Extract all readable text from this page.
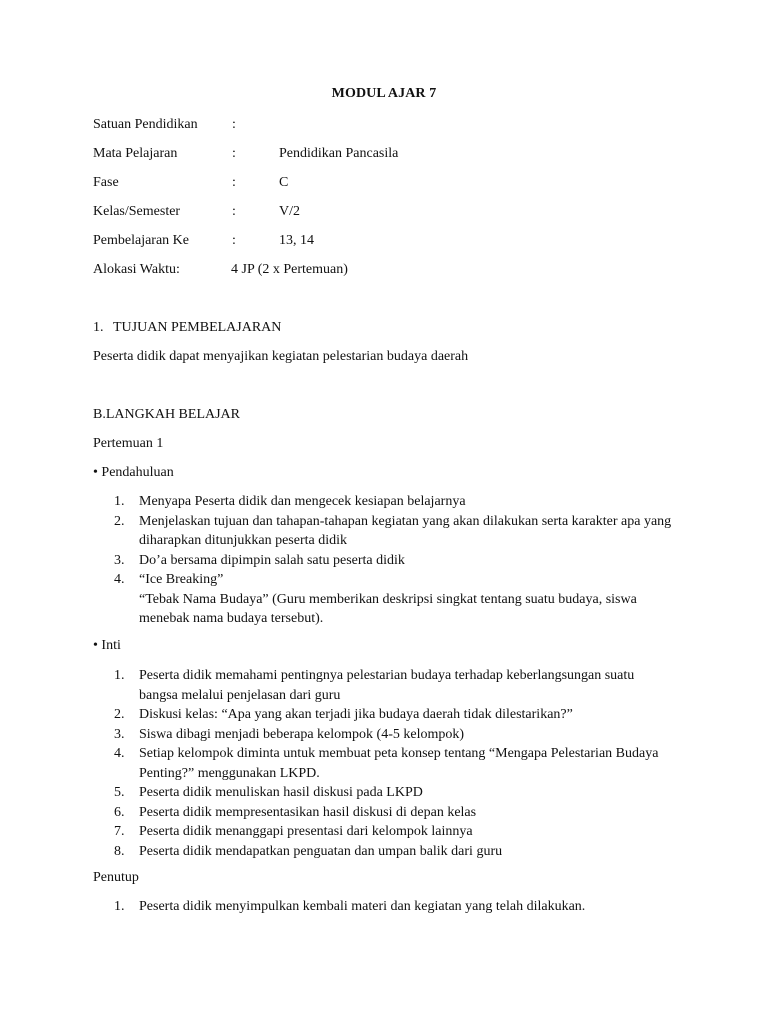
MODUL AJAR 7
Satuan Pendidikan :
Mata Pelajaran	:	Pendidikan Pancasila
Fase	:	C
Kelas/Semester	:	V/2
Pembelajaran Ke	:	13, 14
Alokasi Waktu:	4 JP (2 x Pertemuan)
1. TUJUAN PEMBELAJARAN
Peserta didik dapat menyajikan kegiatan pelestarian budaya daerah
B.LANGKAH BELAJAR
Pertemuan 1
• Pendahuluan
1.	Menyapa Peserta didik dan mengecek kesiapan belajarnya
2.	Menjelaskan tujuan dan tahapan-tahapan kegiatan yang akan dilakukan serta karakter apa yang diharapkan ditunjukkan peserta didik
3.	Do’a bersama dipimpin salah satu peserta didik
4.	“Ice Breaking”
“Tebak Nama Budaya” (Guru memberikan deskripsi singkat tentang suatu budaya, siswa menebak nama budaya tersebut).
• Inti
1.	Peserta didik memahami pentingnya pelestarian budaya terhadap keberlangsungan suatu bangsa melalui penjelasan dari guru
2.	Diskusi kelas: “Apa yang akan terjadi jika budaya daerah tidak dilestarikan?”
3.	Siswa dibagi menjadi beberapa kelompok (4-5 kelompok)
4.	Setiap kelompok diminta untuk membuat peta konsep tentang “Mengapa Pelestarian Budaya Penting?” menggunakan LKPD.
5.	Peserta didik menuliskan hasil diskusi pada LKPD
6.	Peserta didik mempresentasikan hasil diskusi di depan kelas
7.	Peserta didik menanggapi presentasi dari kelompok lainnya
8.	Peserta didik mendapatkan penguatan dan umpan balik dari guru
Penutup
1.	Peserta didik menyimpulkan kembali materi dan kegiatan yang telah dilakukan.
